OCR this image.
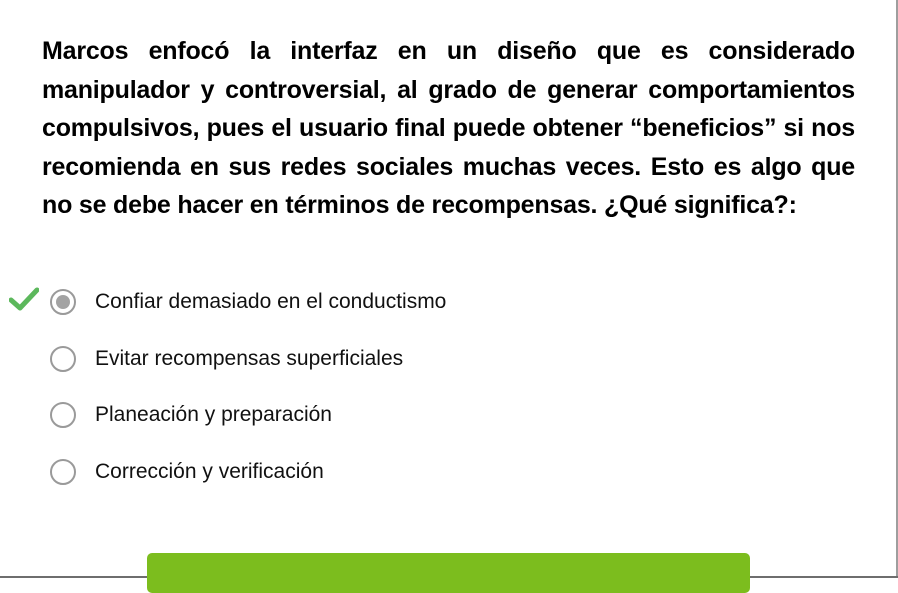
Marcos enfocó la interfaz en un diseño que es considerado manipulador y controversial, al grado de generar comportamientos compulsivos, pues el usuario final puede obtener “beneficios” si nos recomienda en sus redes sociales muchas veces. Esto es algo que no se debe hacer en términos de recompensas. ¿Qué significa?:

Confiar demasiado en el conductismo
Evitar recompensas superficiales
Planeación y preparación
Corrección y verificación
